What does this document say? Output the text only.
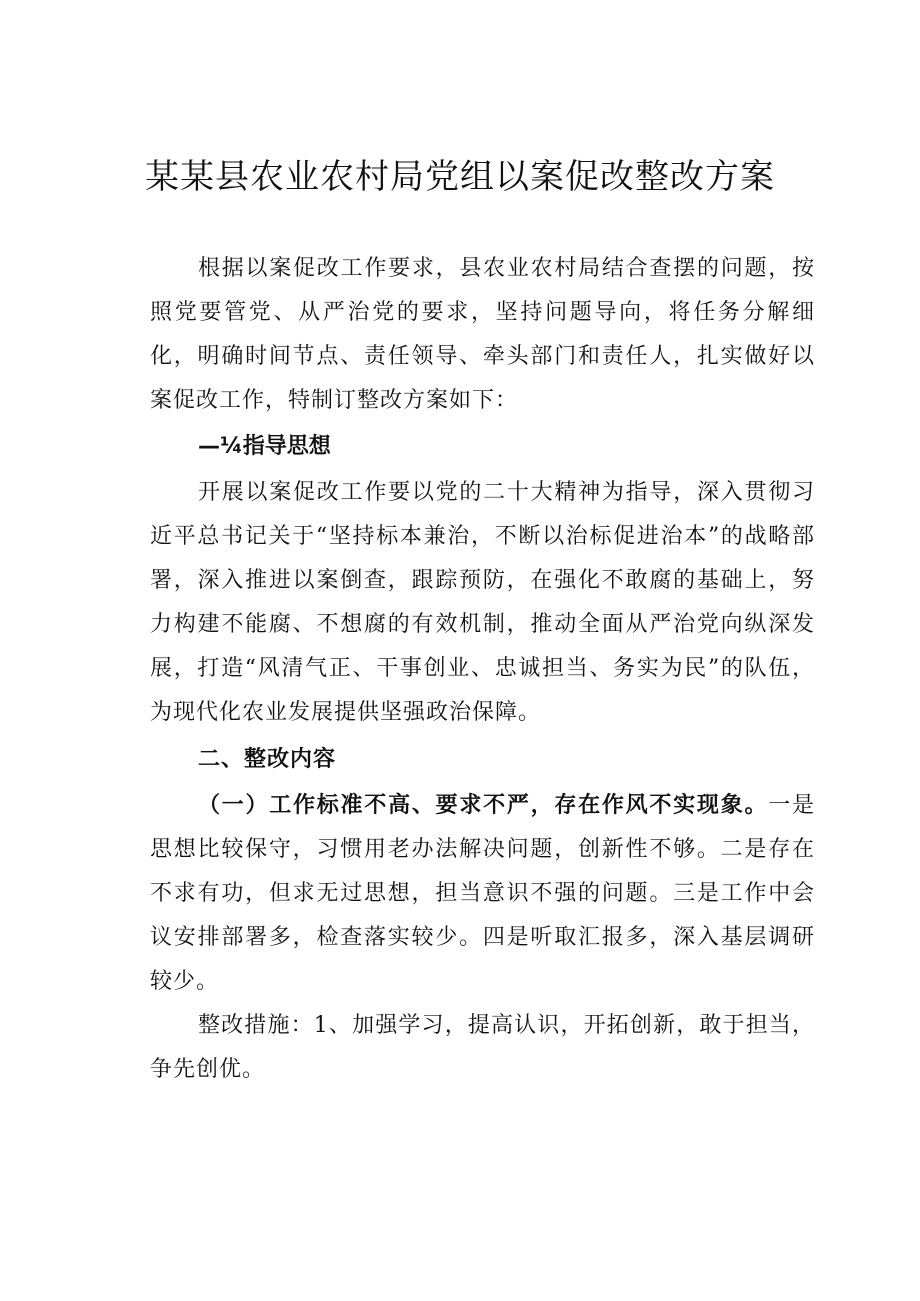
某某县农业农村局党组以案促改整改方案

根据以案促改工作要求，县农业农村局结合查摆的问题，按照党要管党、从严治党的要求，坚持问题导向，将任务分解细化，明确时间节点、责任领导、牵头部门和责任人，扎实做好以案促改工作，特制订整改方案如下：

—¼指导思想

开展以案促改工作要以党的二十大精神为指导，深入贯彻习近平总书记关于“坚持标本兼治，不断以治标促进治本”的战略部署，深入推进以案倒查，跟踪预防，在强化不敢腐的基础上，努力构建不能腐、不想腐的有效机制，推动全面从严治党向纵深发展，打造“风清气正、干事创业、忠诚担当、务实为民”的队伍，为现代化农业发展提供坚强政治保障。

二、整改内容

（一）工作标准不高、要求不严，存在作风不实现象。一是思想比较保守，习惯用老办法解决问题，创新性不够。二是存在不求有功，但求无过思想，担当意识不强的问题。三是工作中会议安排部署多，检查落实较少。四是听取汇报多，深入基层调研较少。

整改措施：1、加强学习，提高认识，开拓创新，敢于担当，争先创优。
